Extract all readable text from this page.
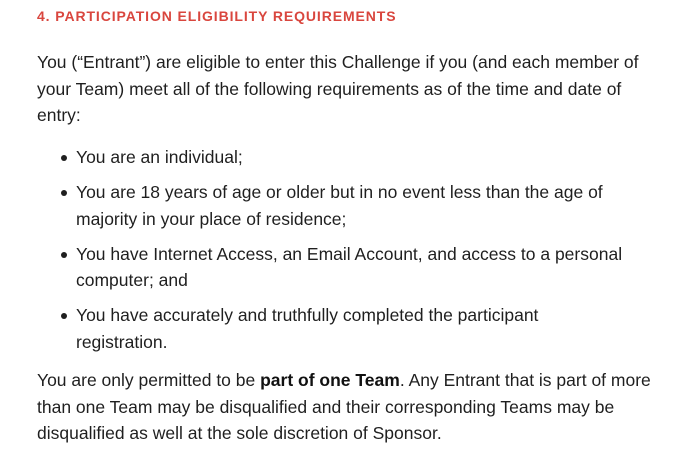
4. PARTICIPATION ELIGIBILITY REQUIREMENTS

You (“Entrant”) are eligible to enter this Challenge if you (and each member of
your Team) meet all of the following requirements as of the time and date of
entry:

You are an individual;
You are 18 years of age or older but in no event less than the age of
majority in your place of residence;
You have Internet Access, an Email Account, and access to a personal
computer; and
You have accurately and truthfully completed the participant
registration.

You are only permitted to be part of one Team. Any Entrant that is part of more
than one Team may be disqualified and their corresponding Teams may be
disqualified as well at the sole discretion of Sponsor.
